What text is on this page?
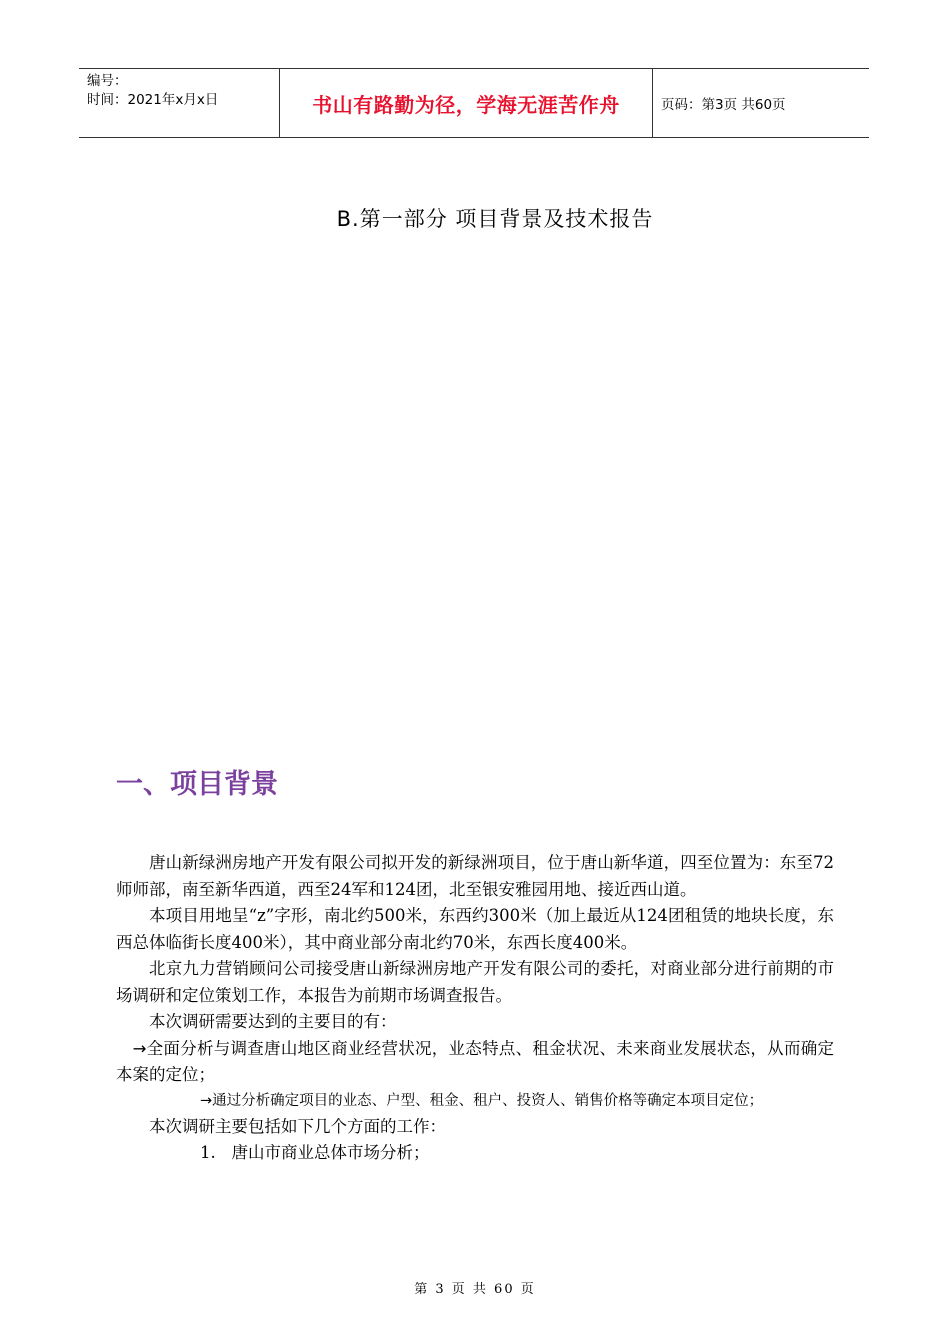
编号：
时间：2021年x月x日	书山有路勤为径，学海无涯苦作舟	页码：第3页 共60页
B.第一部分 项目背景及技术报告
一、项目背景

唐山新绿洲房地产开发有限公司拟开发的新绿洲项目，位于唐山新华道，四至位置为：东至72师师部，南至新华西道，西至24军和124团，北至银安雅园用地、接近西山道。

本项目用地呈“z”字形，南北约500米，东西约300米（加上最近从124团租赁的地块长度，东西总体临街长度400米），其中商业部分南北约70米，东西长度400米。

北京九力营销顾问公司接受唐山新绿洲房地产开发有限公司的委托，对商业部分进行前期的市场调研和定位策划工作，本报告为前期市场调查报告。

本次调研需要达到的主要目的有：

→全面分析与调查唐山地区商业经营状况，业态特点、租金状况、未来商业发展状态，从而确定本案的定位；

→通过分析确定项目的业态、户型、租金、租户、投资人、销售价格等确定本项目定位；

本次调研主要包括如下几个方面的工作：

1. 唐山市商业总体市场分析；

第 3 页 共 60 页
